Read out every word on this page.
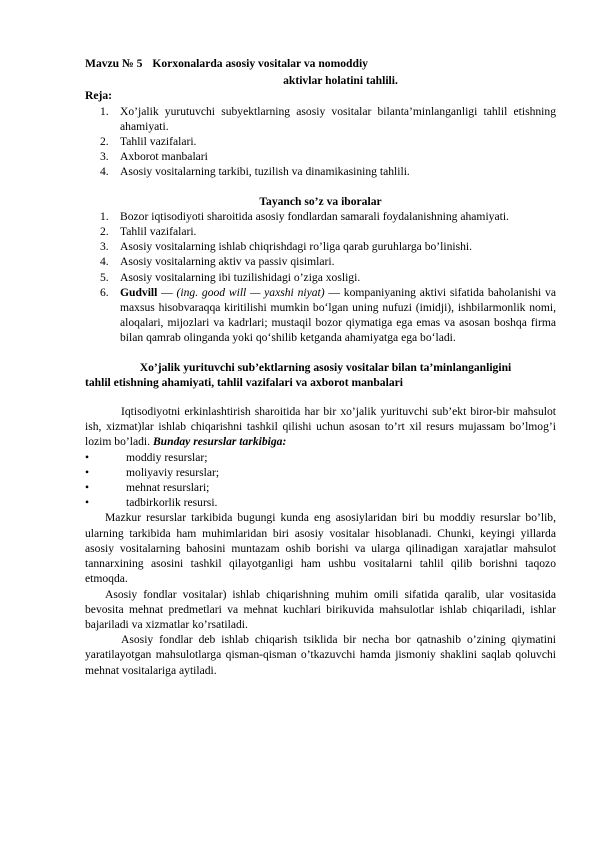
Mavzu № 5 Korxonalarda asosiy vositalar va nomoddiy
aktivlar holatini tahlili.
Reja:
1. Xo’jalik yurutuvchi subyektlarning asosiy vositalar bilanta’minlanganligi tahlil etishning ahamiyati.
2. Tahlil vazifalari.
3. Axborot manbalari
4. Asosiy vositalarning tarkibi, tuzilish va dinamikasining tahlili.
Tayanch so’z va iboralar
1. Bozor iqtisodiyoti sharoitida asosiy fondlardan samarali foydalanishning ahamiyati.
2. Tahlil vazifalari.
3. Asosiy vositalarning ishlab chiqrishdagi ro’liga qarab guruhlarga bo’linishi.
4. Asosiy vositalarning aktiv va passiv qisimlari.
5. Asosiy vositalarning ibi tuzilishidagi o’ziga xosligi.
6. Gudvill — (ing. good will — yaxshi niyat) — kompaniyaning aktivi sifatida baholanishi va maxsus hisobvaraqqa kiritilishi mumkin boʻlgan uning nufuzi (imidji), ishbilarmonlik nomi, aloqalari, mijozlari va kadrlari; mustaqil bozor qiymatiga ega emas va asosan boshqa firma bilan qamrab olinganda yoki qoʻshilib ketganda ahamiyatga ega boʻladi.
Xo’jalik yurituvchi sub’ektlarning asosiy vositalar bilan ta’minlanganligini
tahlil etishning ahamiyati, tahlil vazifalari va axborot manbalari

Iqtisodiyotni erkinlashtirish sharoitida har bir xo’jalik yurituvchi sub’ekt biror-bir mahsulot ish, xizmat)lar ishlab chiqarishni tashkil qilishi uchun asosan to’rt xil resurs mujassam bo’lmog’i lozim bo’ladi. Bunday resurslar tarkibiga:

•	moddiy resurslar;
•	moliyaviy resurslar;
•	mehnat resurslari;
•	tadbirkorlik resursi.

Mazkur resurslar tarkibida bugungi kunda eng asosiylaridan biri bu moddiy resurslar bo’lib, ularning tarkibida ham muhimlaridan biri asosiy vositalar hisoblanadi. Chunki, keyingi yillarda asosiy vositalarning bahosini muntazam oshib borishi va ularga qilinadigan xarajatlar mahsulot tannarxining asosini tashkil qilayotganligi ham ushbu vositalarni tahlil qilib borishni taqozo etmoqda.

Asosiy fondlar vositalar) ishlab chiqarishning muhim omili sifatida qaralib, ular vositasida bevosita mehnat predmetlari va mehnat kuchlari birikuvida mahsulotlar ishlab chiqariladi, ishlar bajariladi va xizmatlar ko’rsatiladi.

Asosiy fondlar deb ishlab chiqarish tsiklida bir necha bor qatnashib o’zining qiymatini yaratilayotgan mahsulotlarga qisman-qisman o’tkazuvchi hamda jismoniy shaklini saqlab qoluvchi mehnat vositalariga aytiladi.
